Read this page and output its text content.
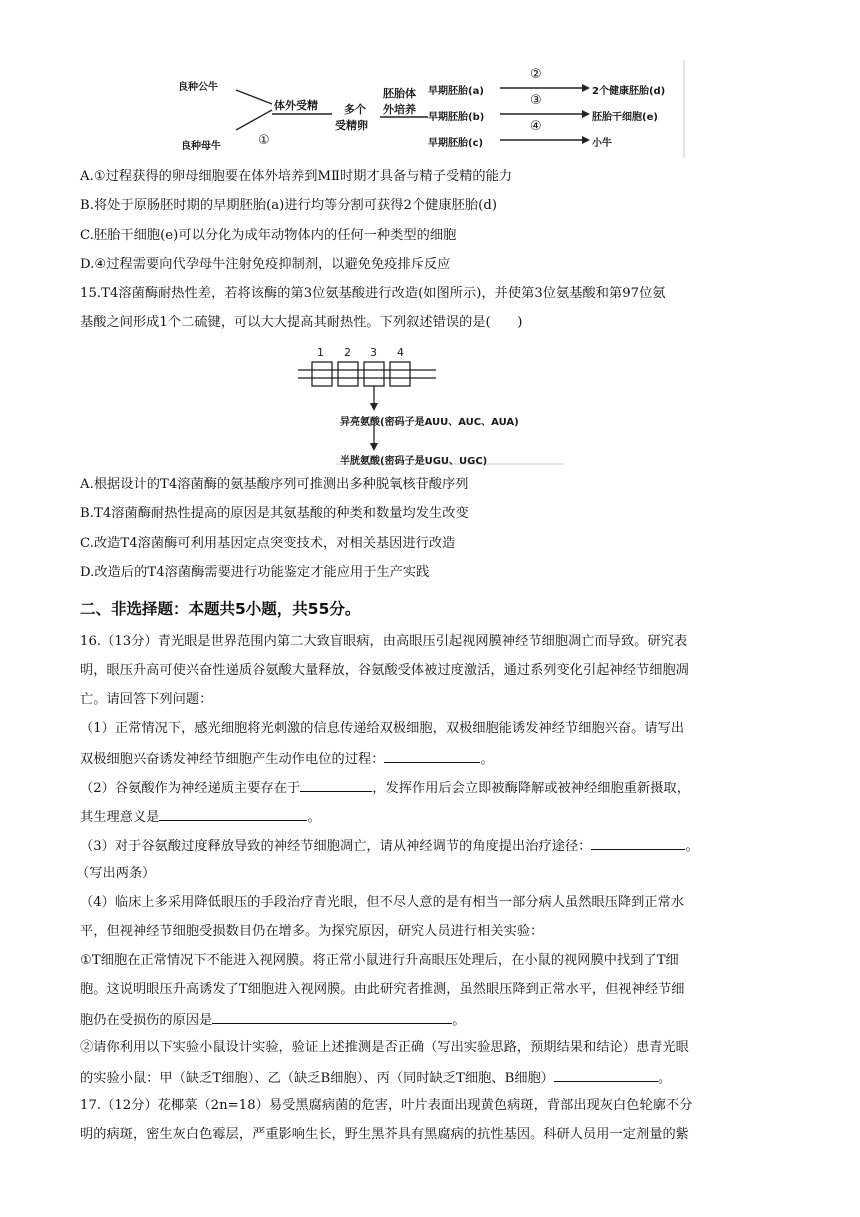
良种公牛
良种母牛
体外受精
①
多个
受精卵
胚胎体
外培养
早期胚胎(a)
早期胚胎(b)
早期胚胎(c)
②
③
④
2个健康胚胎(d)
胚胎干细胞(e)
小牛
A.①过程获得的卵母细胞要在体外培养到MⅡ时期才具备与精子受精的能力
B.将处于原肠胚时期的早期胚胎(a)进行均等分割可获得2个健康胚胎(d)
C.胚胎干细胞(e)可以分化为成年动物体内的任何一种类型的细胞
D.④过程需要向代孕母牛注射免疫抑制剂，以避免免疫排斥反应
15.T4溶菌酶耐热性差，若将该酶的第3位氨基酸进行改造(如图所示)，并使第3位氨基酸和第97位氨
基酸之间形成1个二硫键，可以大大提高其耐热性。下列叙述错误的是(　　)
1 2 3 4
异亮氨酸(密码子是AUU、AUC、AUA)
半胱氨酸(密码子是UGU、UGC)
A.根据设计的T4溶菌酶的氨基酸序列可推测出多种脱氧核苷酸序列
B.T4溶菌酶耐热性提高的原因是其氨基酸的种类和数量均发生改变
C.改造T4溶菌酶可利用基因定点突变技术，对相关基因进行改造
D.改造后的T4溶菌酶需要进行功能鉴定才能应用于生产实践
二、非选择题：本题共5小题，共55分。
16.（13分）青光眼是世界范围内第二大致盲眼病，由高眼压引起视网膜神经节细胞凋亡而导致。研究表
明，眼压升高可使兴奋性递质谷氨酸大量释放，谷氨酸受体被过度激活，通过系列变化引起神经节细胞凋
亡。请回答下列问题：
（1）正常情况下，感光细胞将光刺激的信息传递给双极细胞，双极细胞能诱发神经节细胞兴奋。请写出
双极细胞兴奋诱发神经节细胞产生动作电位的过程：	。
（2）谷氨酸作为神经递质主要存在于	，发挥作用后会立即被酶降解或被神经细胞重新摄取，
其生理意义是	。
（3）对于谷氨酸过度释放导致的神经节细胞凋亡，请从神经调节的角度提出治疗途径：	。
（写出两条）
（4）临床上多采用降低眼压的手段治疗青光眼，但不尽人意的是有相当一部分病人虽然眼压降到正常水
平，但视神经节细胞受损数目仍在增多。为探究原因，研究人员进行相关实验：
①T细胞在正常情况下不能进入视网膜。将正常小鼠进行升高眼压处理后，在小鼠的视网膜中找到了T细
胞。这说明眼压升高诱发了T细胞进入视网膜。由此研究者推测，虽然眼压降到正常水平，但视神经节细
胞仍在受损伤的原因是	。
②请你利用以下实验小鼠设计实验，验证上述推测是否正确（写出实验思路，预期结果和结论）患青光眼
的实验小鼠：甲（缺乏T细胞）、乙（缺乏B细胞）、丙（同时缺乏T细胞、B细胞）	。
17.（12分）花椰菜（2n=18）易受黑腐病菌的危害，叶片表面出现黄色病斑，背部出现灰白色轮廓不分
明的病斑，密生灰白色霉层，严重影响生长，野生黑芥具有黑腐病的抗性基因。科研人员用一定剂量的紫
